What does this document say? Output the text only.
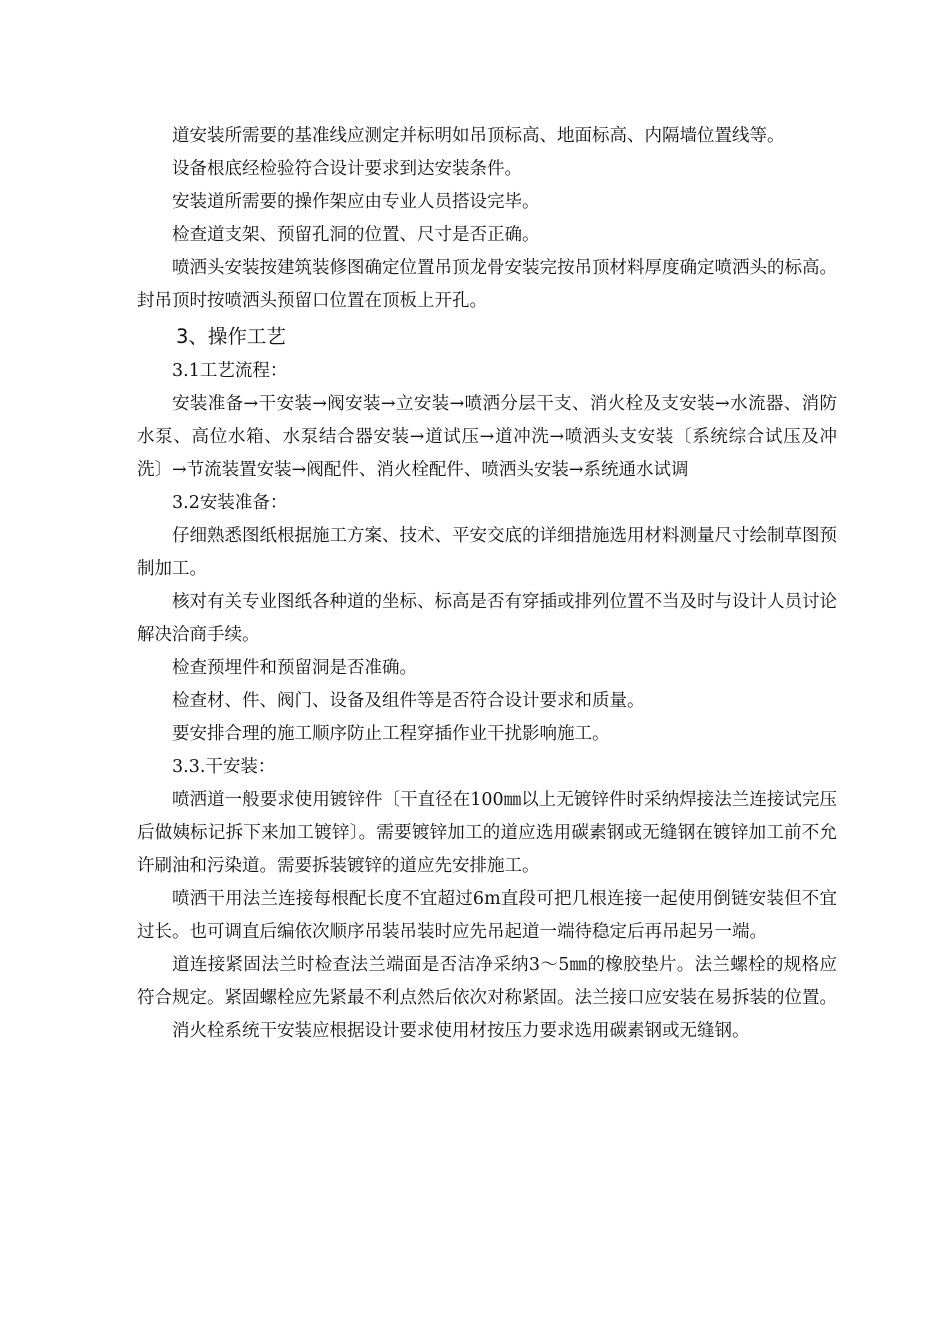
道安装所需要的基准线应测定并标明如吊顶标高、地面标高、内隔墙位置线等。

设备根底经检验符合设计要求到达安装条件。

安装道所需要的操作架应由专业人员搭设完毕。

检查道支架、预留孔洞的位置、尺寸是否正确。

喷洒头安装按建筑装修图确定位置吊顶龙骨安装完按吊顶材料厚度确定喷洒头的标高。封吊顶时按喷洒头预留口位置在顶板上开孔。

3、操作工艺

3.1工艺流程：

安装准备→干安装→阀安装→立安装→喷洒分层干支、消火栓及支安装→水流器、消防水泵、高位水箱、水泵结合器安装→道试压→道冲洗→喷洒头支安装〔系统综合试压及冲洗〕→节流装置安装→阀配件、消火栓配件、喷洒头安装→系统通水试调

3.2安装准备：

仔细熟悉图纸根据施工方案、技术、平安交底的详细措施选用材料测量尺寸绘制草图预制加工。

核对有关专业图纸各种道的坐标、标高是否有穿插或排列位置不当及时与设计人员讨论解决洽商手续。

检查预埋件和预留洞是否准确。

检查材、件、阀门、设备及组件等是否符合设计要求和质量。

要安排合理的施工顺序防止工程穿插作业干扰影响施工。

3.3.干安装：

喷洒道一般要求使用镀锌件〔干直径在100㎜以上无镀锌件时采纳焊接法兰连接试完压后做姨标记拆下来加工镀锌〕。需要镀锌加工的道应选用碳素钢或无缝钢在镀锌加工前不允许刷油和污染道。需要拆装镀锌的道应先安排施工。

喷洒干用法兰连接每根配长度不宜超过6m直段可把几根连接一起使用倒链安装但不宜过长。也可调直后编依次顺序吊装吊装时应先吊起道一端待稳定后再吊起另一端。

道连接紧固法兰时检查法兰端面是否洁净采纳3～5㎜的橡胶垫片。法兰螺栓的规格应符合规定。紧固螺栓应先紧最不利点然后依次对称紧固。法兰接口应安装在易拆装的位置。

消火栓系统干安装应根据设计要求使用材按压力要求选用碳素钢或无缝钢。
